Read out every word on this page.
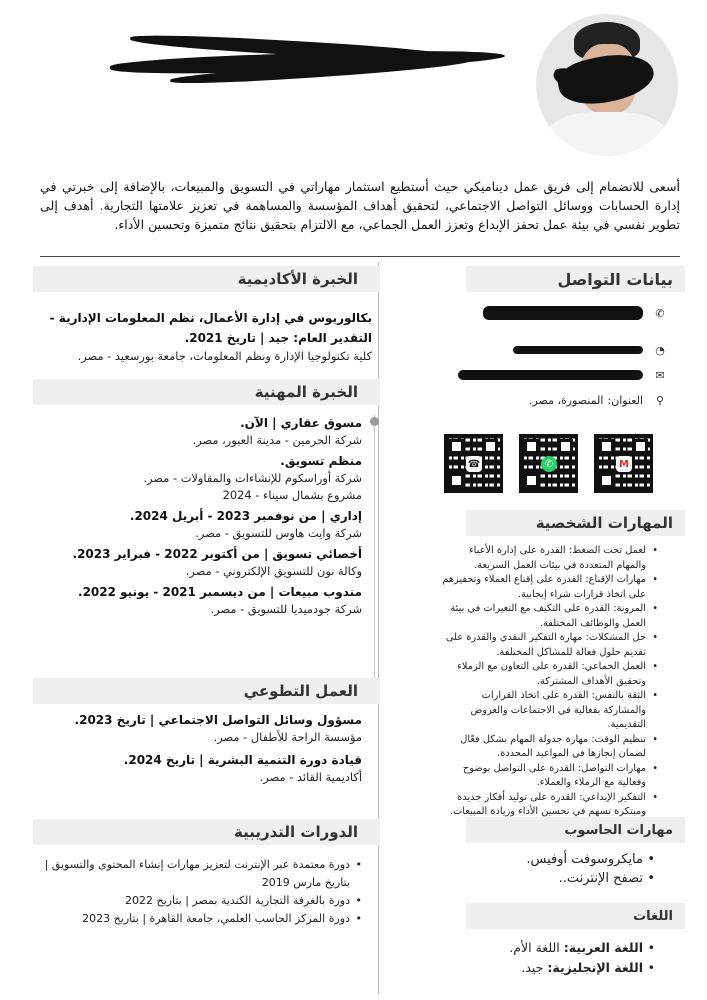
أسعى للانضمام إلى فريق عمل ديناميكي حيث أستطيع استثمار مهاراتي في التسويق والمبيعات، بالإضافة إلى خبرتي في إدارة الحسابات ووسائل التواصل الاجتماعي، لتحقيق أهداف المؤسسة والمساهمة في تعزيز علامتها التجارية. أهدف إلى تطوير نفسي في بيئة عمل تحفز الإبداع وتعزز العمل الجماعي، مع الالتزام بتحقيق نتائج متميزة وتحسين الأداء.
الخبرة الأكاديمية
بكالوريوس في إدارة الأعمال، نظم المعلومات الإدارية - التقدير العام: جيد | تاريخ 2021.
كلية تكنولوجيا الإدارة ونظم المعلومات، جامعة بورسعيد - مصر.
الخبرة المهنية
مسوق عقاري | الآن.
شركة الحرمين - مدينة العبور، مصر.
منظم تسويق.
شركة أوراسكوم للإنشاءات والمقاولات - مصر.
مشروع بشمال سيناء - 2024
إداري | من نوفمبر 2023 - أبريل 2024.
شركة وايت هاوس للتسويق - مصر.
أخصائي تسويق | من أكتوبر 2022 - فبراير 2023.
وكالة نون للتسويق الإلكتروني - مصر.
مندوب مبيعات | من ديسمبر 2021 - يونيو 2022.
شركة جودميديا للتسويق - مصر.
العمل التطوعي
مسؤول وسائل التواصل الاجتماعي | تاريخ 2023.
مؤسسة الراحة للأطفال - مصر.
قيادة دورة التنمية البشرية | تاريخ 2024.
أكاديمية القائد - مصر.
الدورات التدريبية
• دورة معتمدة عبر الإنترنت لتعزيز مهارات إنشاء المحتوى والتسويق | بتاريخ مارس 2019
• دورة بالغرفة التجارية الكندية بمصر | بتاريخ 2022
• دورة المركز الحاسب العلمي، جامعة القاهرة | بتاريخ 2023
بيانات التواصل
✆
◔
✉
⚲
العنوان:
المنصورة، مصر.
☎	✆	M
المهارات الشخصية
• لعمل تحت الضغط: القدرة على إدارة الأعباء والمهام المتعددة في بيئات العمل السريعة.
• مهارات الإقناع: القدرة على إقناع العملاء وتحفيزهم على اتخاذ قرارات شراء إيجابية.
• المرونة: القدرة على التكيف مع التغيرات في بيئة العمل والوظائف المختلفة.
• حل المشكلات: مهارة التفكير النقدي والقدرة على تقديم حلول فعالة للمشاكل المختلفة.
• العمل الجماعي: القدرة على التعاون مع الزملاء وتحقيق الأهداف المشتركة.
• الثقة بالنفس: القدرة على اتخاذ القرارات والمشاركة بفعالية في الاجتماعات والعروض التقديمية.
• تنظيم الوقت: مهارة جدولة المهام بشكل فعّال لضمان إنجازها في المواعيد المحددة.
• مهارات التواصل: القدرة على التواصل بوضوح وفعالية مع الزملاء والعملاء.
• التفكير الإبداعي: القدرة على توليد أفكار جديدة ومبتكرة تسهم في تحسين الأداء وزيادة المبيعات.
مهارات الحاسوب
• مايكروسوفت أوفيس.
• تصفح الإنترنت..
اللغات
• اللغة العربية: اللغة الأم.
• اللغة الإنجليزية: جيد.
